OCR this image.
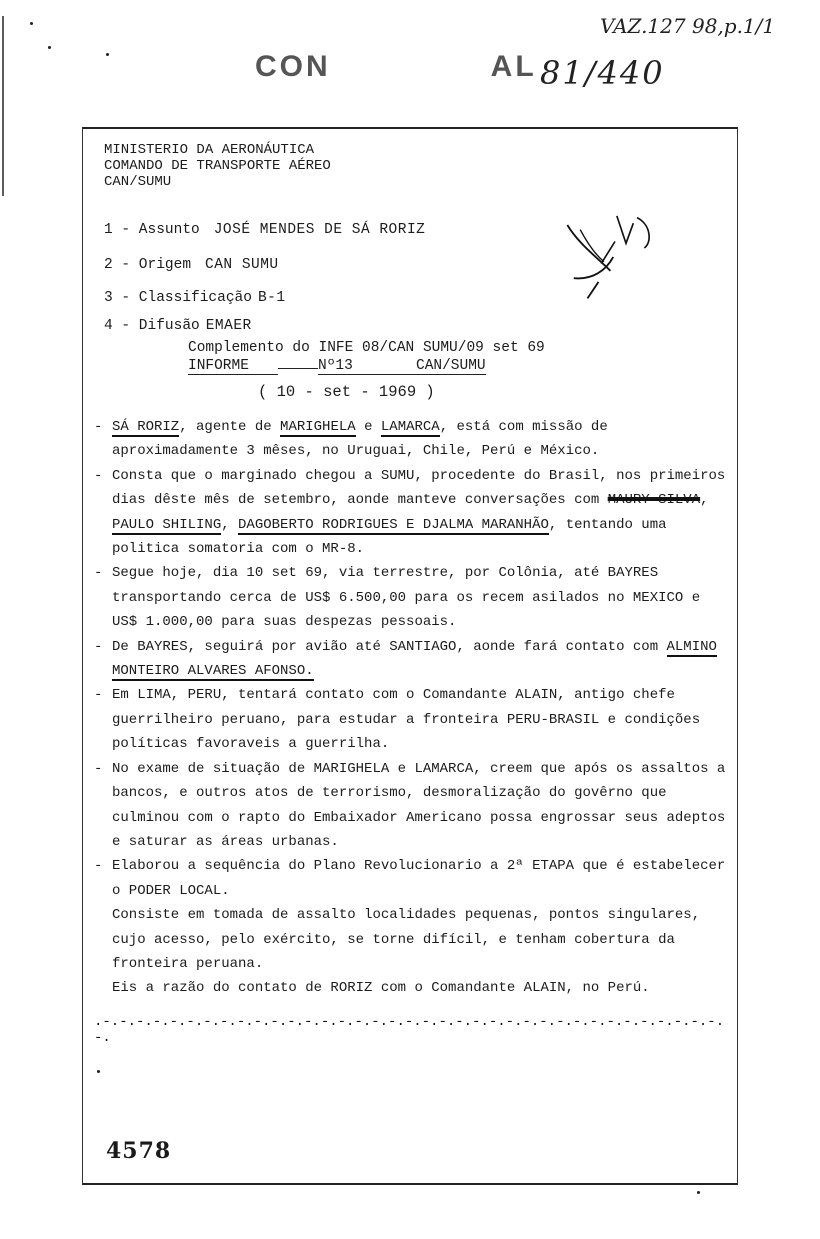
CON	AL
VAZ.127 98,p.1/1
81/440
MINISTERIO DA AERONÁUTICA
COMANDO DE TRANSPORTE AÉREO
CAN/SUMU
1 - Assunto JOSÉ MENDES DE SÁ RORIZ
2 - Origem CAN SUMU
3 - Classificação B-1
4 - Difusão EMAER
Complemento do INFE 08/CAN SUMU/09 set 69
INFORME	Nº13	CAN/SUMU
( 10 - set - 1969 )
- SÁ RORIZ, agente de MARIGHELA e LAMARCA, está com missão de aproximadamente 3 mêses, no Uruguai, Chile, Perú e México.
- Consta que o marginado chegou a SUMU, procedente do Brasil, nos primeiros dias dêste mês de setembro, aonde manteve conversações com MAURY SILVA, PAULO SHILING, DAGOBERTO RODRIGUES E DJALMA MARANHÃO, tentando uma politica somatoria com o MR-8.
- Segue hoje, dia 10 set 69, via terrestre, por Colônia, até BAYRES transportando cerca de US$ 6.500,00 para os recem asilados no MEXICO e US$ 1.000,00 para suas despezas pessoais.
- De BAYRES, seguirá por avião até SANTIAGO, aonde fará contato com ALMINO MONTEIRO ALVARES AFONSO.
- Em LIMA, PERU, tentará contato com o Comandante ALAIN, antigo chefe guerrilheiro peruano, para estudar a fronteira PERU-BRASIL e condições políticas favoraveis a guerrilha.
- No exame de situação de MARIGHELA e LAMARCA, creem que após os assaltos a bancos, e outros atos de terrorismo, desmoralização do govêrno que culminou com o rapto do Embaixador Americano possa engrossar seus adeptos e saturar as áreas urbanas.
- Elaborou a sequência do Plano Revolucionario a 2ª ETAPA que é estabelecer o PODER LOCAL.
Consiste em tomada de assalto localidades pequenas, pontos singulares, cujo acesso, pelo exército, se torne difícil, e tenham cobertura da fronteira peruana.
Eis a razão do contato de RORIZ com o Comandante ALAIN, no Perú.
.-.-.-.-.-.-.-.-.-.-.-.-.-.-.-.-.-.-.-.-.-.-.-.-.-.-.-.-.-.-.-.-.-.-.-.-.-.-.
4578
